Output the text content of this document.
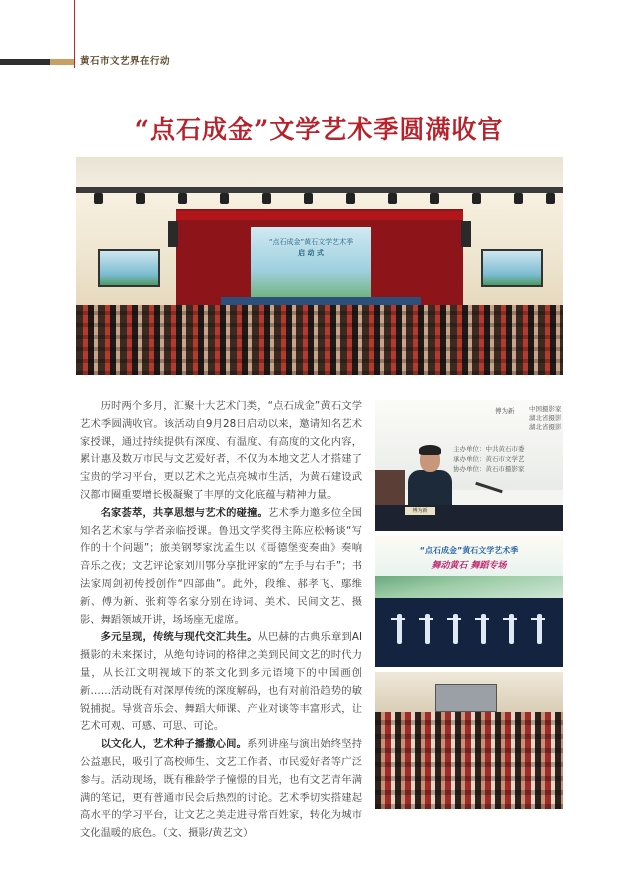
黄石市文艺界在行动
“点石成金”文学艺术季圆满收官
“点石成金”黄石文学艺术季
启 动 式

历时两个多月，汇聚十大艺术门类，“点石成金”黄石文学艺术季圆满收官。该活动自9月28日启动以来，邀请知名艺术家授课，通过持续提供有深度、有温度、有高度的文化内容，累计惠及数万市民与文艺爱好者，不仅为本地文艺人才搭建了宝贵的学习平台，更以艺术之光点亮城市生活，为黄石建设武汉都市圈重要增长极凝聚了丰厚的文化底蕴与精神力量。

名家荟萃，共享思想与艺术的碰撞。艺术季力邀多位全国知名艺术家与学者亲临授课。鲁迅文学奖得主陈应松畅谈“写作的十个问题”；旅美钢琴家沈孟生以《哥德堡变奏曲》奏响音乐之夜；文艺评论家刘川鄂分享批评家的“左手与右手”；书法家周剑初传授创作“四部曲”。此外，段维、郝孝飞、鄢维新、傅为新、张莉等名家分别在诗词、美术、民间文艺、摄影、舞蹈领域开讲，场场座无虚席。

多元呈现，传统与现代交汇共生。从巴赫的古典乐章到AI摄影的未来探讨，从绝句诗词的格律之美到民间文艺的时代力量，从长江文明视域下的茶文化到多元语境下的中国画创新……活动既有对深厚传统的深度解码，也有对前沿趋势的敏锐捕捉。导赏音乐会、舞蹈大师课、产业对谈等丰富形式，让艺术可观、可感、可思、可论。

以文化人，艺术种子播撒心间。系列讲座与演出始终坚持公益惠民，吸引了高校师生、文艺工作者、市民爱好者等广泛参与。活动现场，既有稚龄学子憧憬的目光，也有文艺青年满满的笔记，更有普通市民会后热烈的讨论。艺术季切实搭建起高水平的学习平台，让文艺之美走进寻常百姓家，转化为城市文化温暖的底色。（文、摄影/黄艺文）

傅为新 中国摄影家
湖北省摄影
湖北省摄影
主办单位：中共黄石市委
承办单位：黄石市文学艺
协办单位：黄石市摄影家
傅为新
“点石成金”黄石文学艺术季
舞动黄石 舞蹈专场
